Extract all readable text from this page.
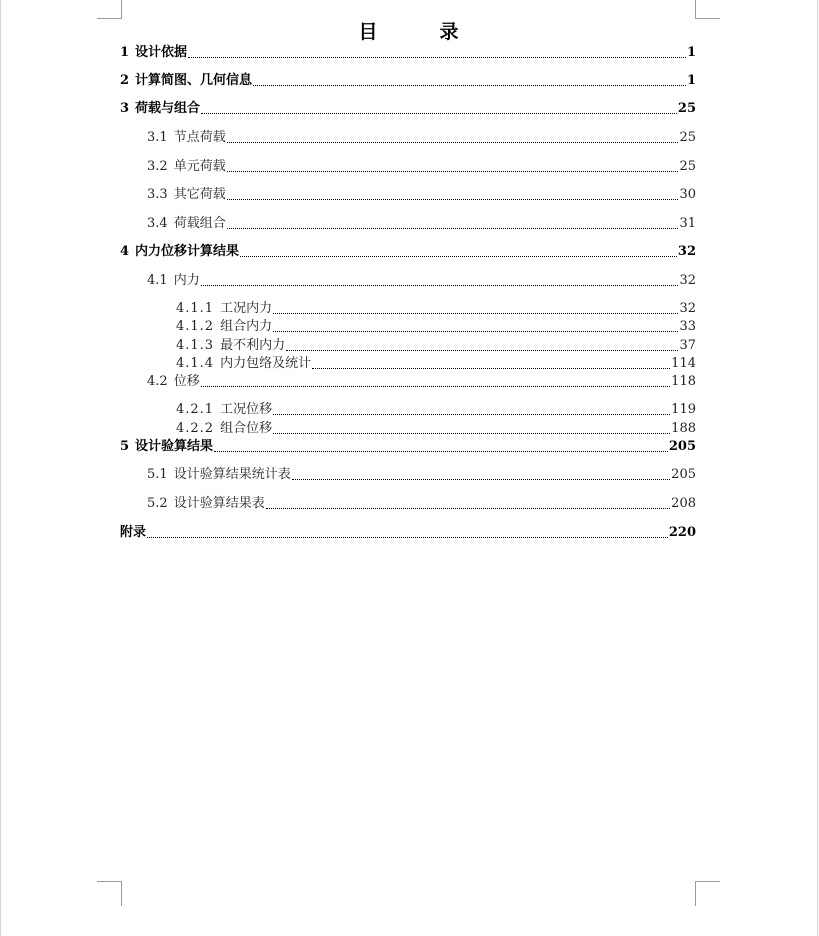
目	录
1 设计依据	1
2 计算简图、几何信息	1
3 荷载与组合	25
3.1 节点荷载	25
3.2 单元荷载	25
3.3 其它荷载	30
3.4 荷载组合	31
4 内力位移计算结果	32
4.1 内力	32
4.1.1 工况内力	32
4.1.2 组合内力	33
4.1.3 最不利内力	37
4.1.4 内力包络及统计	114
4.2 位移	118
4.2.1 工况位移	119
4.2.2 组合位移	188
5 设计验算结果	205
5.1 设计验算结果统计表	205
5.2 设计验算结果表	208
附录	220
